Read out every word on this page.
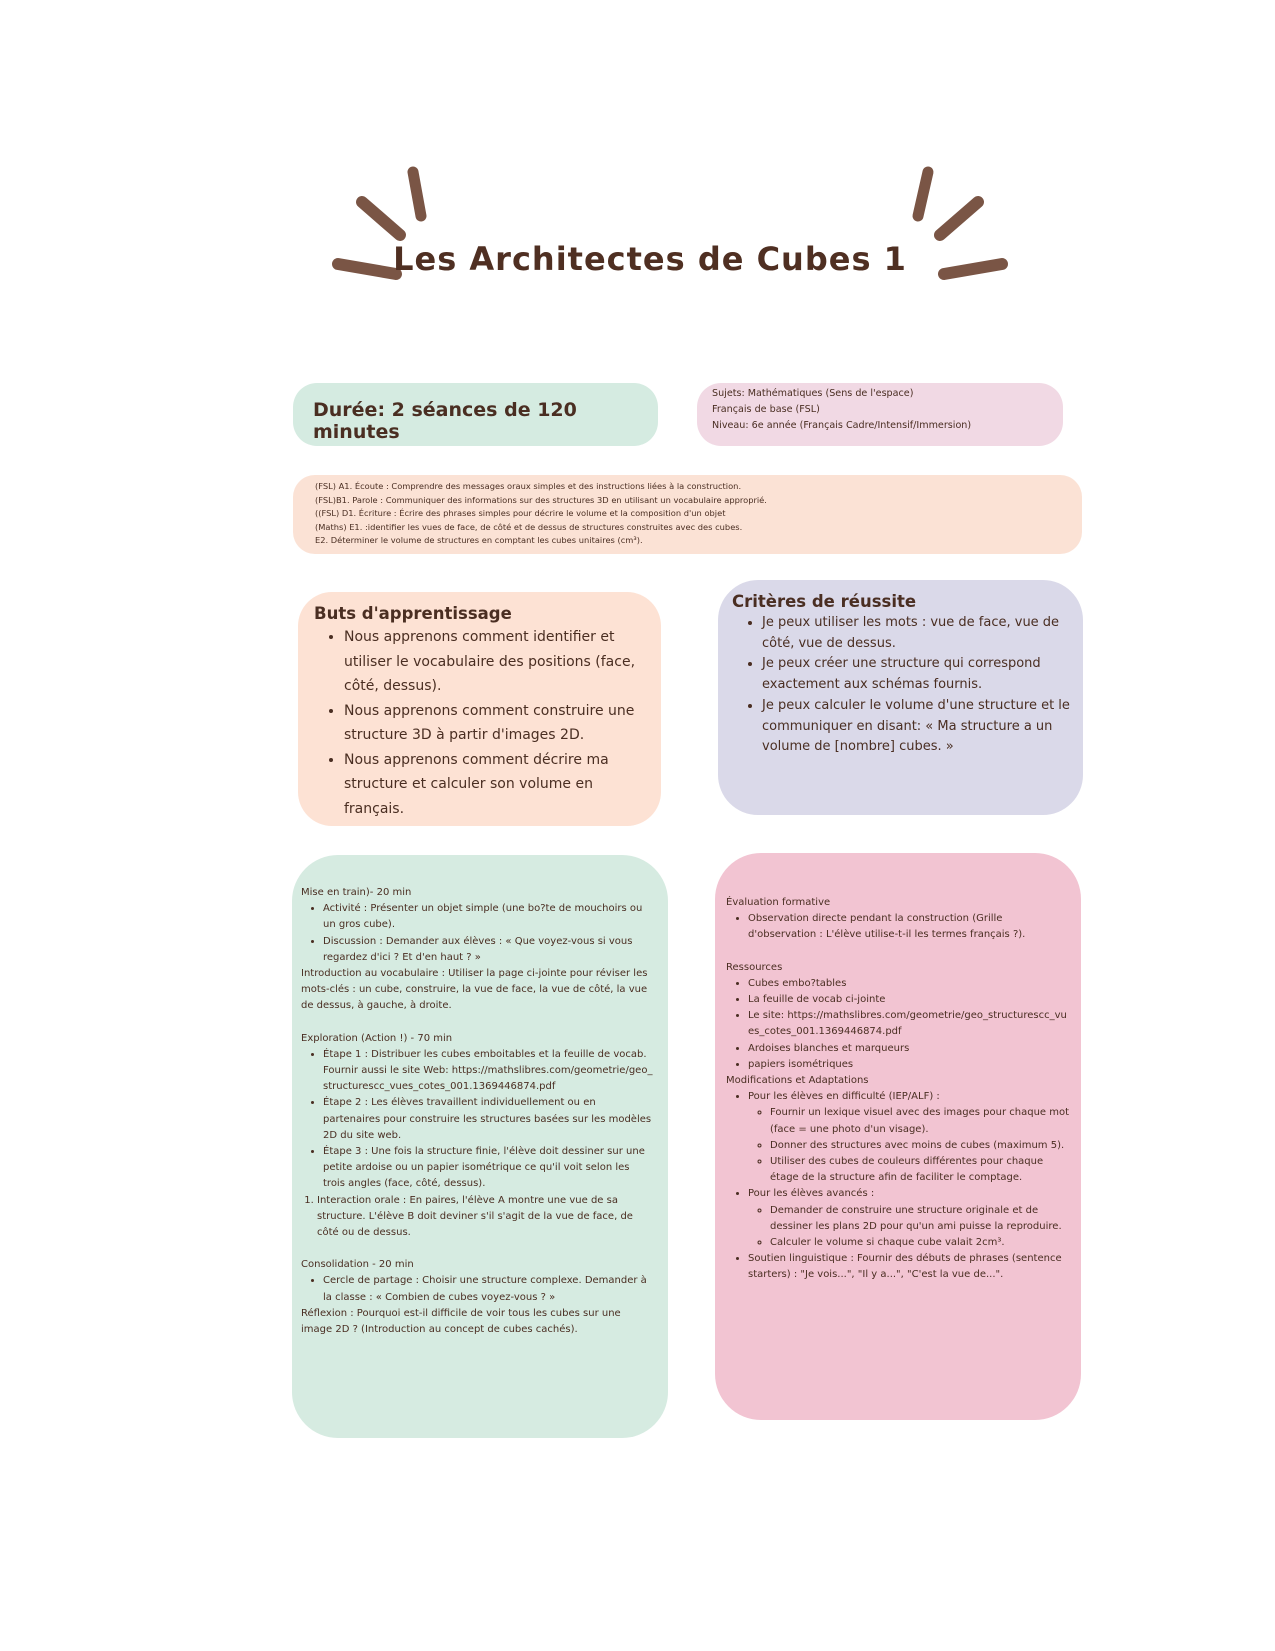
Les Architectes de Cubes 1
Durée: 2 séances de 120 minutes

Sujets: Mathématiques (Sens de l'espace)

Français de base (FSL)

Niveau: 6e année (Français Cadre/Intensif/Immersion)

(FSL) A1. Écoute : Comprendre des messages oraux simples et des instructions liées à la construction.

(FSL)B1. Parole : Communiquer des informations sur des structures 3D en utilisant un vocabulaire approprié.

((FSL) D1. Écriture : Écrire des phrases simples pour décrire le volume et la composition d'un objet

(Maths) E1. :identifier les vues de face, de côté et de dessus de structures construites avec des cubes.

E2. Déterminer le volume de structures en comptant les cubes unitaires (cm³).

Buts d'apprentissage
• Nous apprenons comment identifier et utiliser le vocabulaire des positions (face, côté, dessus).
• Nous apprenons comment construire une structure 3D à partir d'images 2D.
• Nous apprenons comment décrire ma structure et calculer son volume en français.
Critères de réussite
• Je peux utiliser les mots : vue de face, vue de côté, vue de dessus.
• Je peux créer une structure qui correspond exactement aux schémas fournis.
• Je peux calculer le volume d'une structure et le communiquer en disant: « Ma structure a un volume de [nombre] cubes. »

Mise en train)- 20 min

• Activité : Présenter un objet simple (une bo?te de mouchoirs ou un gros cube).
• Discussion : Demander aux élèves : « Que voyez-vous si vous regardez d'ici ? Et d'en haut ? »

Introduction au vocabulaire : Utiliser la page ci-jointe pour réviser les mots-clés : un cube, construire, la vue de face, la vue de côté, la vue de dessus, à gauche, à droite.

Exploration (Action !) - 70 min

• Étape 1 : Distribuer les cubes emboitables et la feuille de vocab. Fournir aussi le site Web: https://mathslibres.com/geometrie/geo_structurescc_vues_cotes_001.1369446874.pdf
• Étape 2 : Les élèves travaillent individuellement ou en partenaires pour construire les structures basées sur les modèles 2D du site web.
• Étape 3 : Une fois la structure finie, l'élève doit dessiner sur une petite ardoise ou un papier isométrique ce qu'il voit selon les trois angles (face, côté, dessus).
1. Interaction orale : En paires, l'élève A montre une vue de sa structure. L'élève B doit deviner s'il s'agit de la vue de face, de côté ou de dessus.

Consolidation - 20 min

• Cercle de partage : Choisir une structure complexe. Demander à la classe : « Combien de cubes voyez-vous ? »

Réflexion : Pourquoi est-il difficile de voir tous les cubes sur une image 2D ? (Introduction au concept de cubes cachés).

Évaluation formative

• Observation directe pendant la construction (Grille d'observation : L'élève utilise-t-il les termes français ?).

Ressources

• Cubes embo?tables
• La feuille de vocab ci-jointe
• Le site: https://mathslibres.com/geometrie/geo_structurescc_vues_cotes_001.1369446874.pdf
• Ardoises blanches et marqueurs
• papiers isométriques

Modifications et Adaptations

• Pour les élèves en difficulté (IEP/ALF) :
◦ Fournir un lexique visuel avec des images pour chaque mot (face = une photo d'un visage).
◦ Donner des structures avec moins de cubes (maximum 5).
◦ Utiliser des cubes de couleurs différentes pour chaque étage de la structure afin de faciliter le comptage.
• Pour les élèves avancés :
◦ Demander de construire une structure originale et de dessiner les plans 2D pour qu'un ami puisse la reproduire.
◦ Calculer le volume si chaque cube valait 2cm³.
• Soutien linguistique : Fournir des débuts de phrases (sentence starters) : "Je vois...", "Il y a...", "C'est la vue de...".
